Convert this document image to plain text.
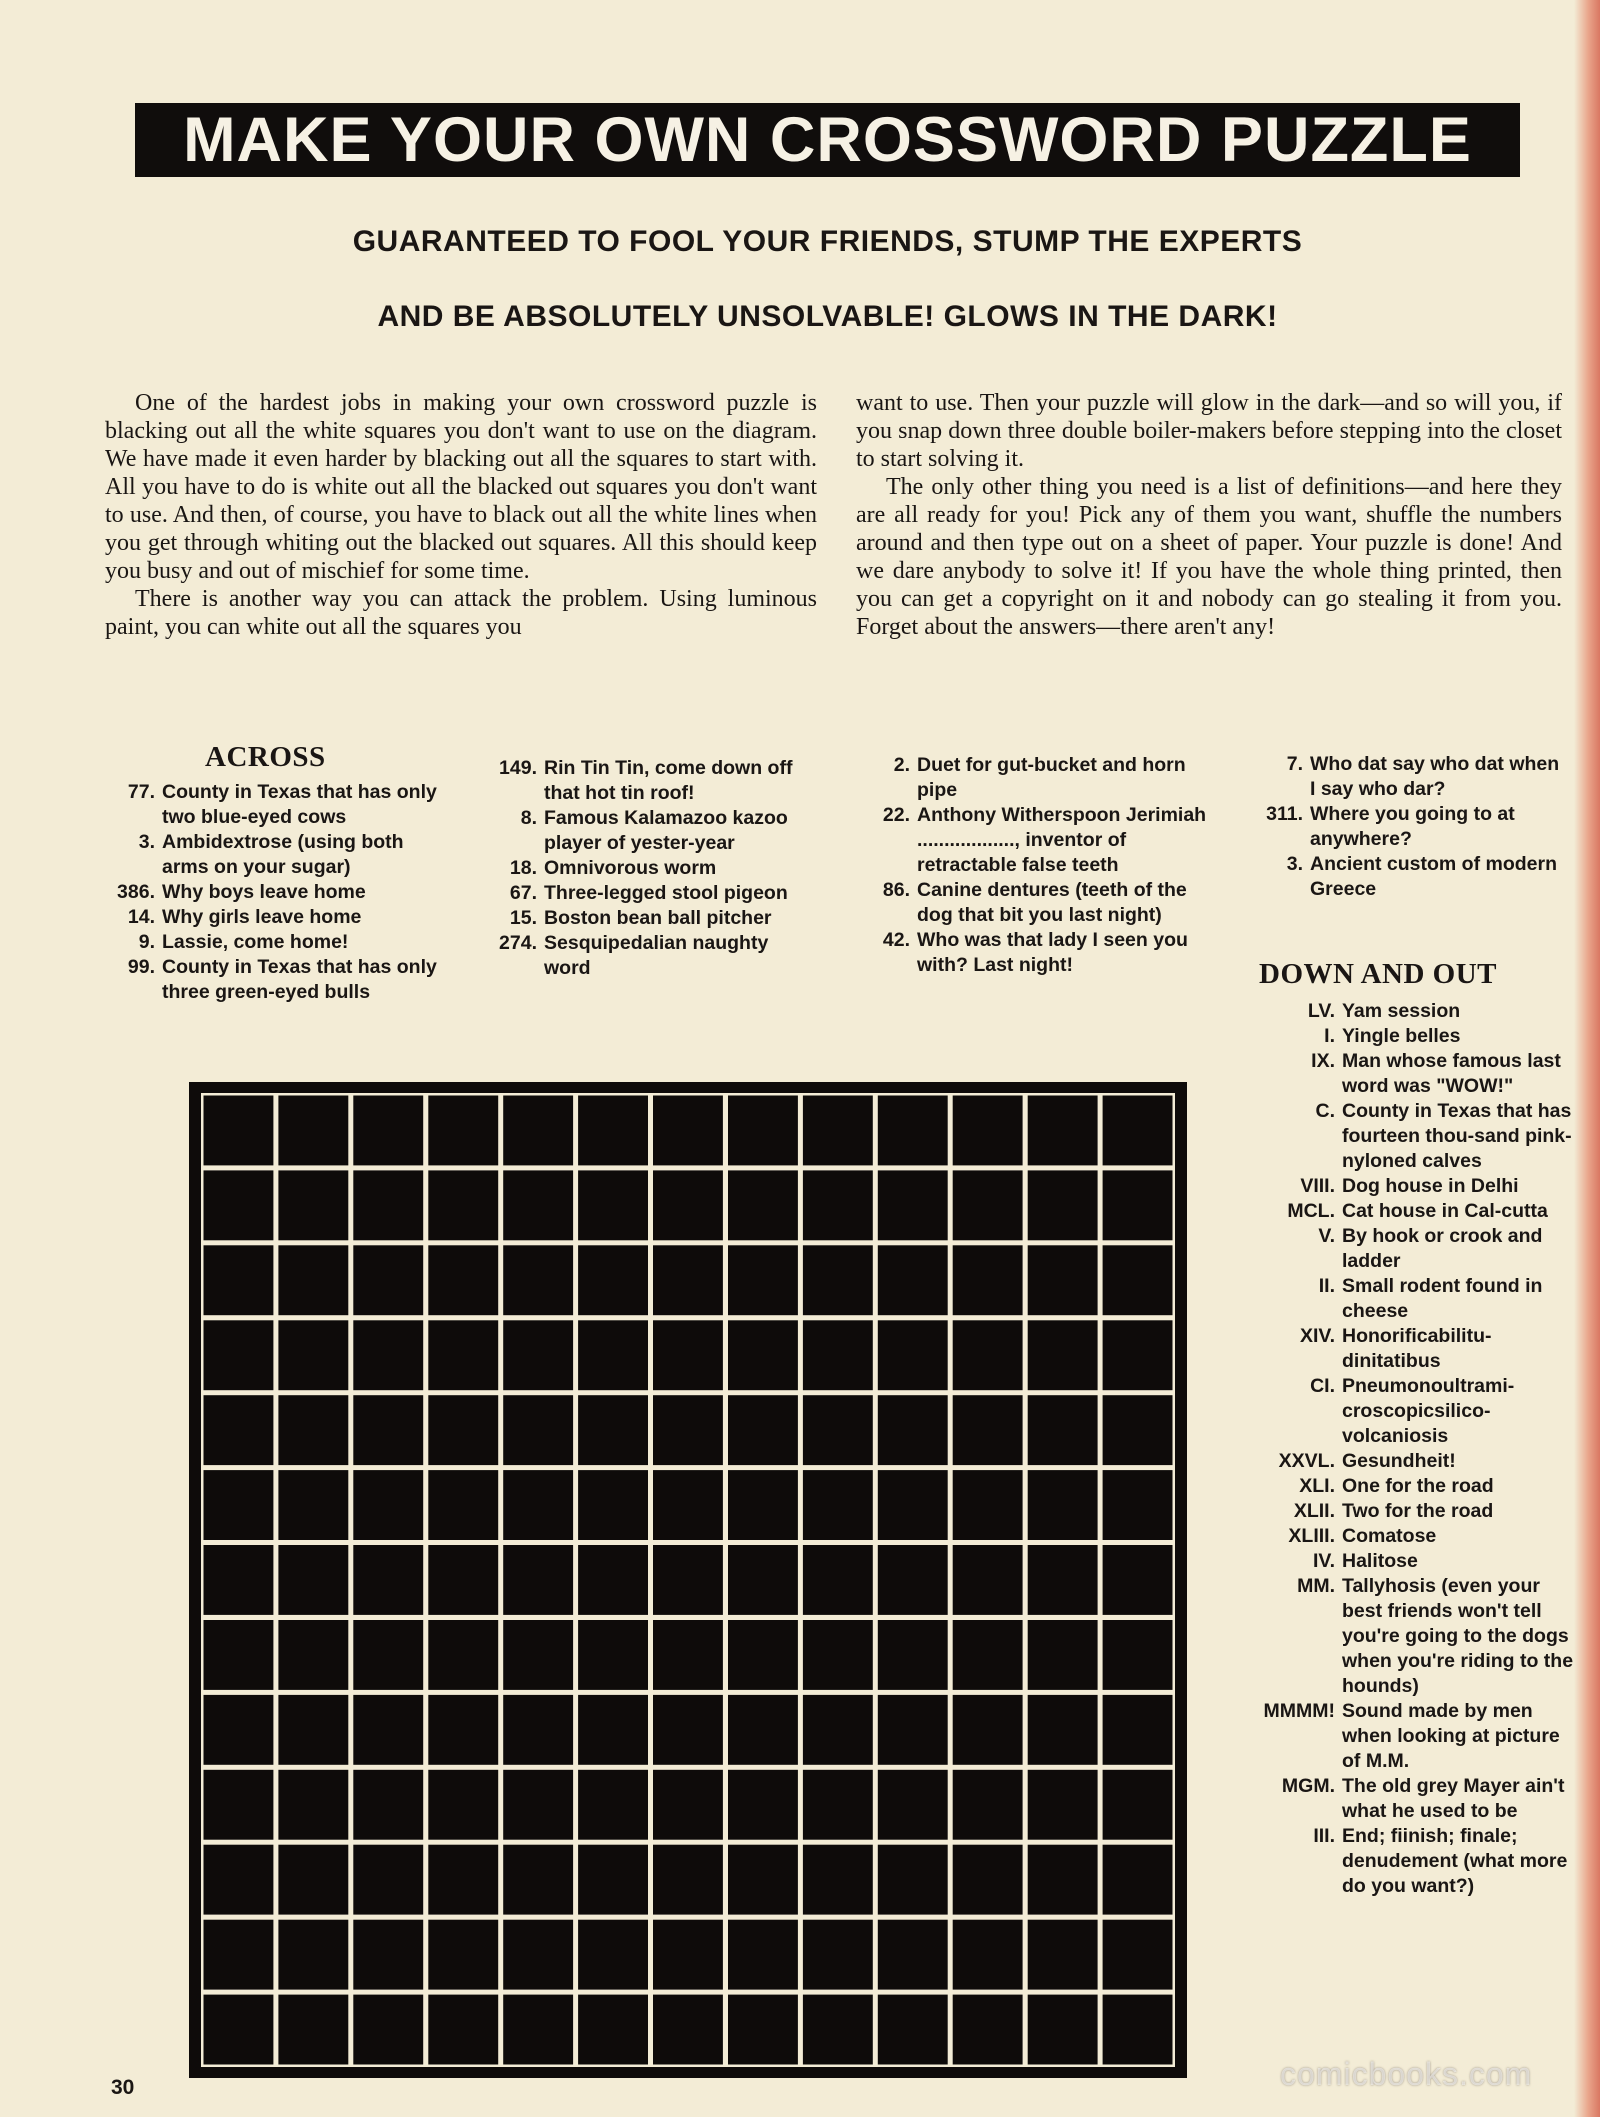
MAKE YOUR OWN CROSSWORD PUZZLE
GUARANTEED TO FOOL YOUR FRIENDS, STUMP THE EXPERTS
AND BE ABSOLUTELY UNSOLVABLE! GLOWS IN THE DARK!

One of the hardest jobs in making your own crossword puzzle is blacking out all the white squares you don't want to use on the diagram. We have made it even harder by blacking out all the squares to start with. All you have to do is white out all the blacked out squares you don't want to use. And then, of course, you have to black out all the white lines when you get through whiting out the blacked out squares. All this should keep you busy and out of mischief for some time.

There is another way you can attack the problem. Using luminous paint, you can white out all the squares you

want to use. Then your puzzle will glow in the dark—and so will you, if you snap down three double boiler-makers before stepping into the closet to start solving it.

The only other thing you need is a list of definitions—and here they are all ready for you! Pick any of them you want, shuffle the numbers around and then type out on a sheet of paper. Your puzzle is done! And we dare anybody to solve it! If you have the whole thing printed, then you can get a copyright on it and nobody can go stealing it from you. Forget about the answers—there aren't any!

ACROSS
77. County in Texas that has only two blue-eyed cows
3. Ambidextrose (using both arms on your sugar)
386. Why boys leave home
14. Why girls leave home
9. Lassie, come home!
99. County in Texas that has only three green-eyed bulls
149. Rin Tin Tin, come down off that hot tin roof!
8. Famous Kalamazoo kazoo player of yester-year
18. Omnivorous worm
67. Three-legged stool pigeon
15. Boston bean ball pitcher
274. Sesquipedalian naughty word
2. Duet for gut-bucket and horn pipe
22. Anthony Witherspoon Jerimiah .................., inventor of retractable false teeth
86. Canine dentures (teeth of the dog that bit you last night)
42. Who was that lady I seen you with? Last night!
7. Who dat say who dat when I say who dar?
311. Where you going to at anywhere?
3. Ancient custom of modern Greece
DOWN AND OUT
LV. Yam session
I. Yingle belles
IX. Man whose famous last word was "WOW!"
C. County in Texas that has fourteen thou-sand pink-nyloned calves
VIII. Dog house in Delhi
MCL. Cat house in Cal-cutta
V. By hook or crook and ladder
II. Small rodent found in cheese
XIV. Honorificabilitu-dinitatibus
CI. Pneumonoultrami-croscopicsilico-volcaniosis
XXVL. Gesundheit!
XLI. One for the road
XLII. Two for the road
XLIII. Comatose
IV. Halitose
MM. Tallyhosis (even your best friends won't tell you're going to the dogs when you're riding to the hounds)
MMMM! Sound made by men when looking at picture of M.M.
MGM. The old grey Mayer ain't what he used to be
III. End; fiinish; finale; denudement (what more do you want?)
30	comicbooks.com
